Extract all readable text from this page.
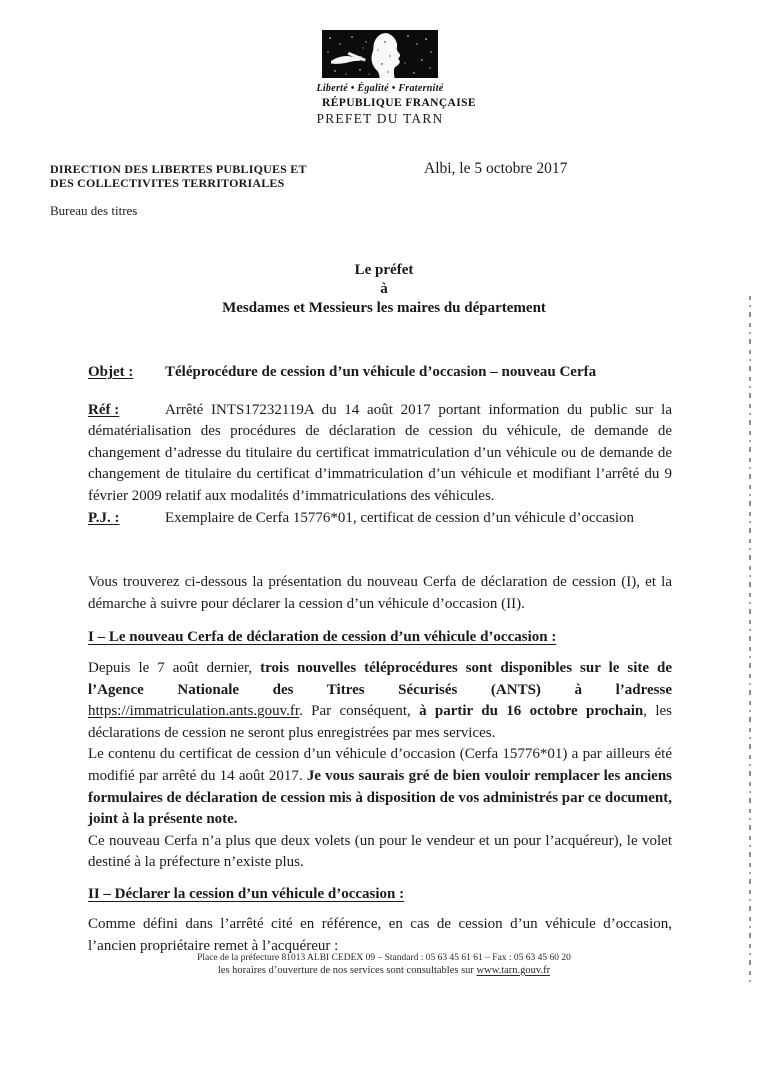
Liberté • Égalité • Fraternité
RÉPUBLIQUE FRANÇAISE
PREFET DU TARN
DIRECTION DES LIBERTES PUBLIQUES ET
DES COLLECTIVITES TERRITORIALES
Bureau des titres
Albi, le 5 octobre 2017
Le préfet
à
Mesdames et Messieurs les maires du département
Objet : Téléprocédure de cession d’un véhicule d’occasion – nouveau Cerfa

Réf :	Arrêté INTS17232119A du 14 août 2017 portant information du public sur la dématérialisation des procédures de déclaration de cession du véhicule, de demande de changement d’adresse du titulaire du certificat immatriculation d’un véhicule ou de demande de changement de titulaire du certificat d’immatriculation d’un véhicule et modifiant l’arrêté du 9 février 2009 relatif aux modalités d’immatriculations des véhicules.

P.J. :	Exemplaire de Cerfa 15776*01, certificat de cession d’un véhicule d’occasion

Vous trouverez ci-dessous la présentation du nouveau Cerfa de déclaration de cession (I), et la démarche à suivre pour déclarer la cession d’un véhicule d’occasion (II).

I – Le nouveau Cerfa de déclaration de cession d’un véhicule d’occasion :

Depuis le 7 août dernier, trois nouvelles téléprocédures sont disponibles sur le site de l’Agence Nationale des Titres Sécurisés (ANTS) à l’adresse https://immatriculation.ants.gouv.fr. Par conséquent, à partir du 16 octobre prochain, les déclarations de cession ne seront plus enregistrées par mes services.

Le contenu du certificat de cession d’un véhicule d’occasion (Cerfa 15776*01) a par ailleurs été modifié par arrêté du 14 août 2017. Je vous saurais gré de bien vouloir remplacer les anciens formulaires de déclaration de cession mis à disposition de vos administrés par ce document, joint à la présente note.

Ce nouveau Cerfa n’a plus que deux volets (un pour le vendeur et un pour l’acquéreur), le volet destiné à la préfecture n’existe plus.

II – Déclarer la cession d’un véhicule d’occasion :

Comme défini dans l’arrêté cité en référence, en cas de cession d’un véhicule d’occasion, l’ancien propriétaire remet à l’acquéreur :

Place de la préfecture 81013 ALBI CEDEX 09 – Standard : 05 63 45 61 61 – Fax : 05 63 45 60 20
les horaires d’ouverture de nos services sont consultables sur www.tarn.gouv.fr
